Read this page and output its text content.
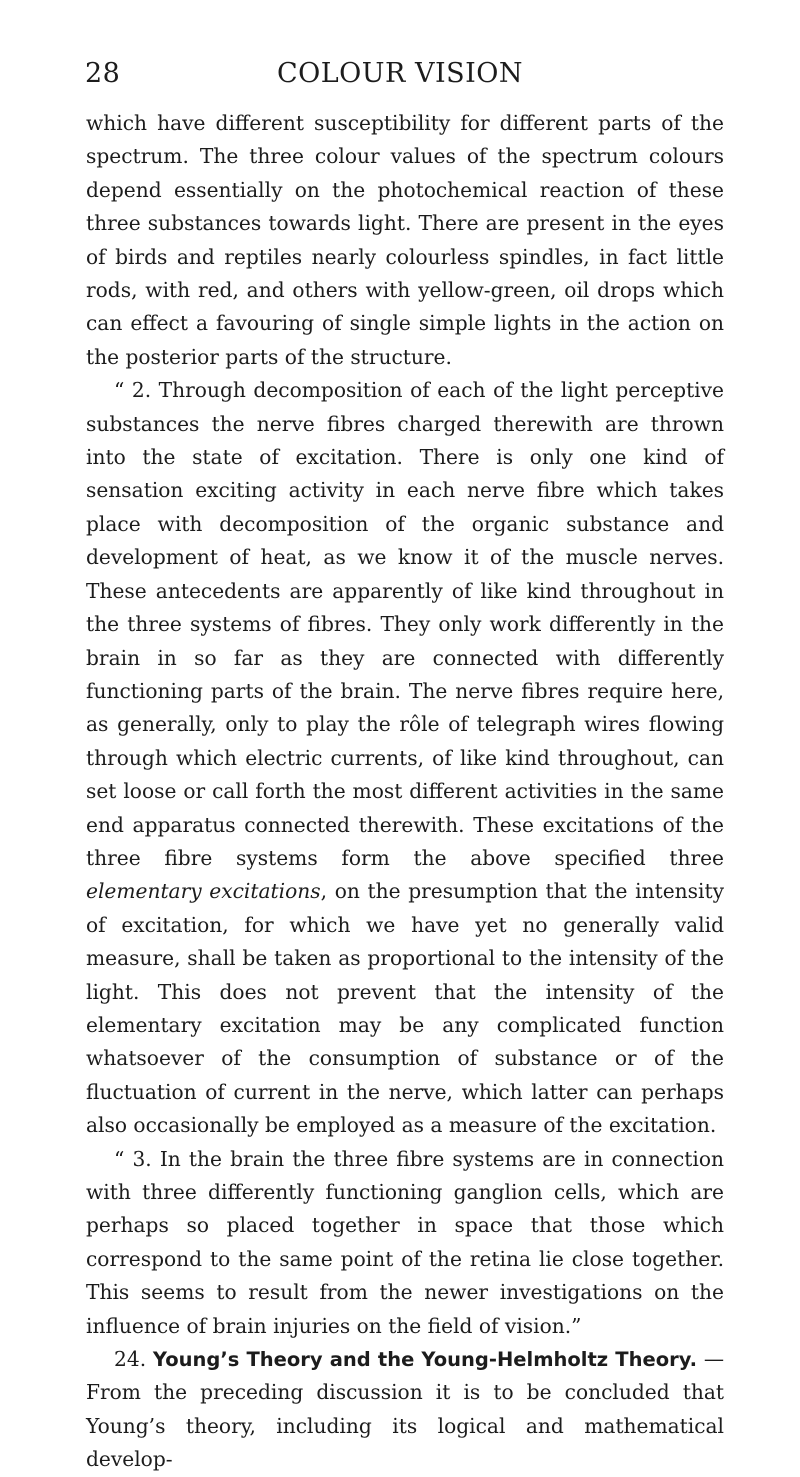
28	COLOUR VISION

which have different susceptibility for different parts of the spectrum. The three colour values of the spectrum colours depend essentially on the photochemical reaction of these three substances towards light. There are present in the eyes of birds and reptiles nearly colourless spindles, in fact little rods, with red, and others with yellow-green, oil drops which can effect a favouring of single simple lights in the action on the posterior parts of the structure.

“ 2. Through decomposition of each of the light perceptive substances the nerve fibres charged therewith are thrown into the state of excitation. There is only one kind of sensation exciting activity in each nerve fibre which takes place with decomposition of the organic substance and development of heat, as we know it of the muscle nerves. These antecedents are apparently of like kind throughout in the three systems of fibres. They only work differently in the brain in so far as they are connected with differently functioning parts of the brain. The nerve fibres require here, as generally, only to play the rôle of telegraph wires flowing through which electric currents, of like kind throughout, can set loose or call forth the most different activities in the same end apparatus connected therewith. These excitations of the three fibre systems form the above specified three elementary excitations, on the presumption that the intensity of excitation, for which we have yet no generally valid measure, shall be taken as proportional to the intensity of the light. This does not prevent that the intensity of the elementary excitation may be any complicated function whatsoever of the consumption of substance or of the fluctuation of current in the nerve, which latter can perhaps also occasionally be employed as a measure of the excitation.

“ 3. In the brain the three fibre systems are in connection with three differently functioning ganglion cells, which are perhaps so placed together in space that those which correspond to the same point of the retina lie close together. This seems to result from the newer investigations on the influence of brain injuries on the field of vision.”

24. Young’s Theory and the Young-Helmholtz Theory. —From the preceding discussion it is to be concluded that Young’s theory, including its logical and mathematical develop-
